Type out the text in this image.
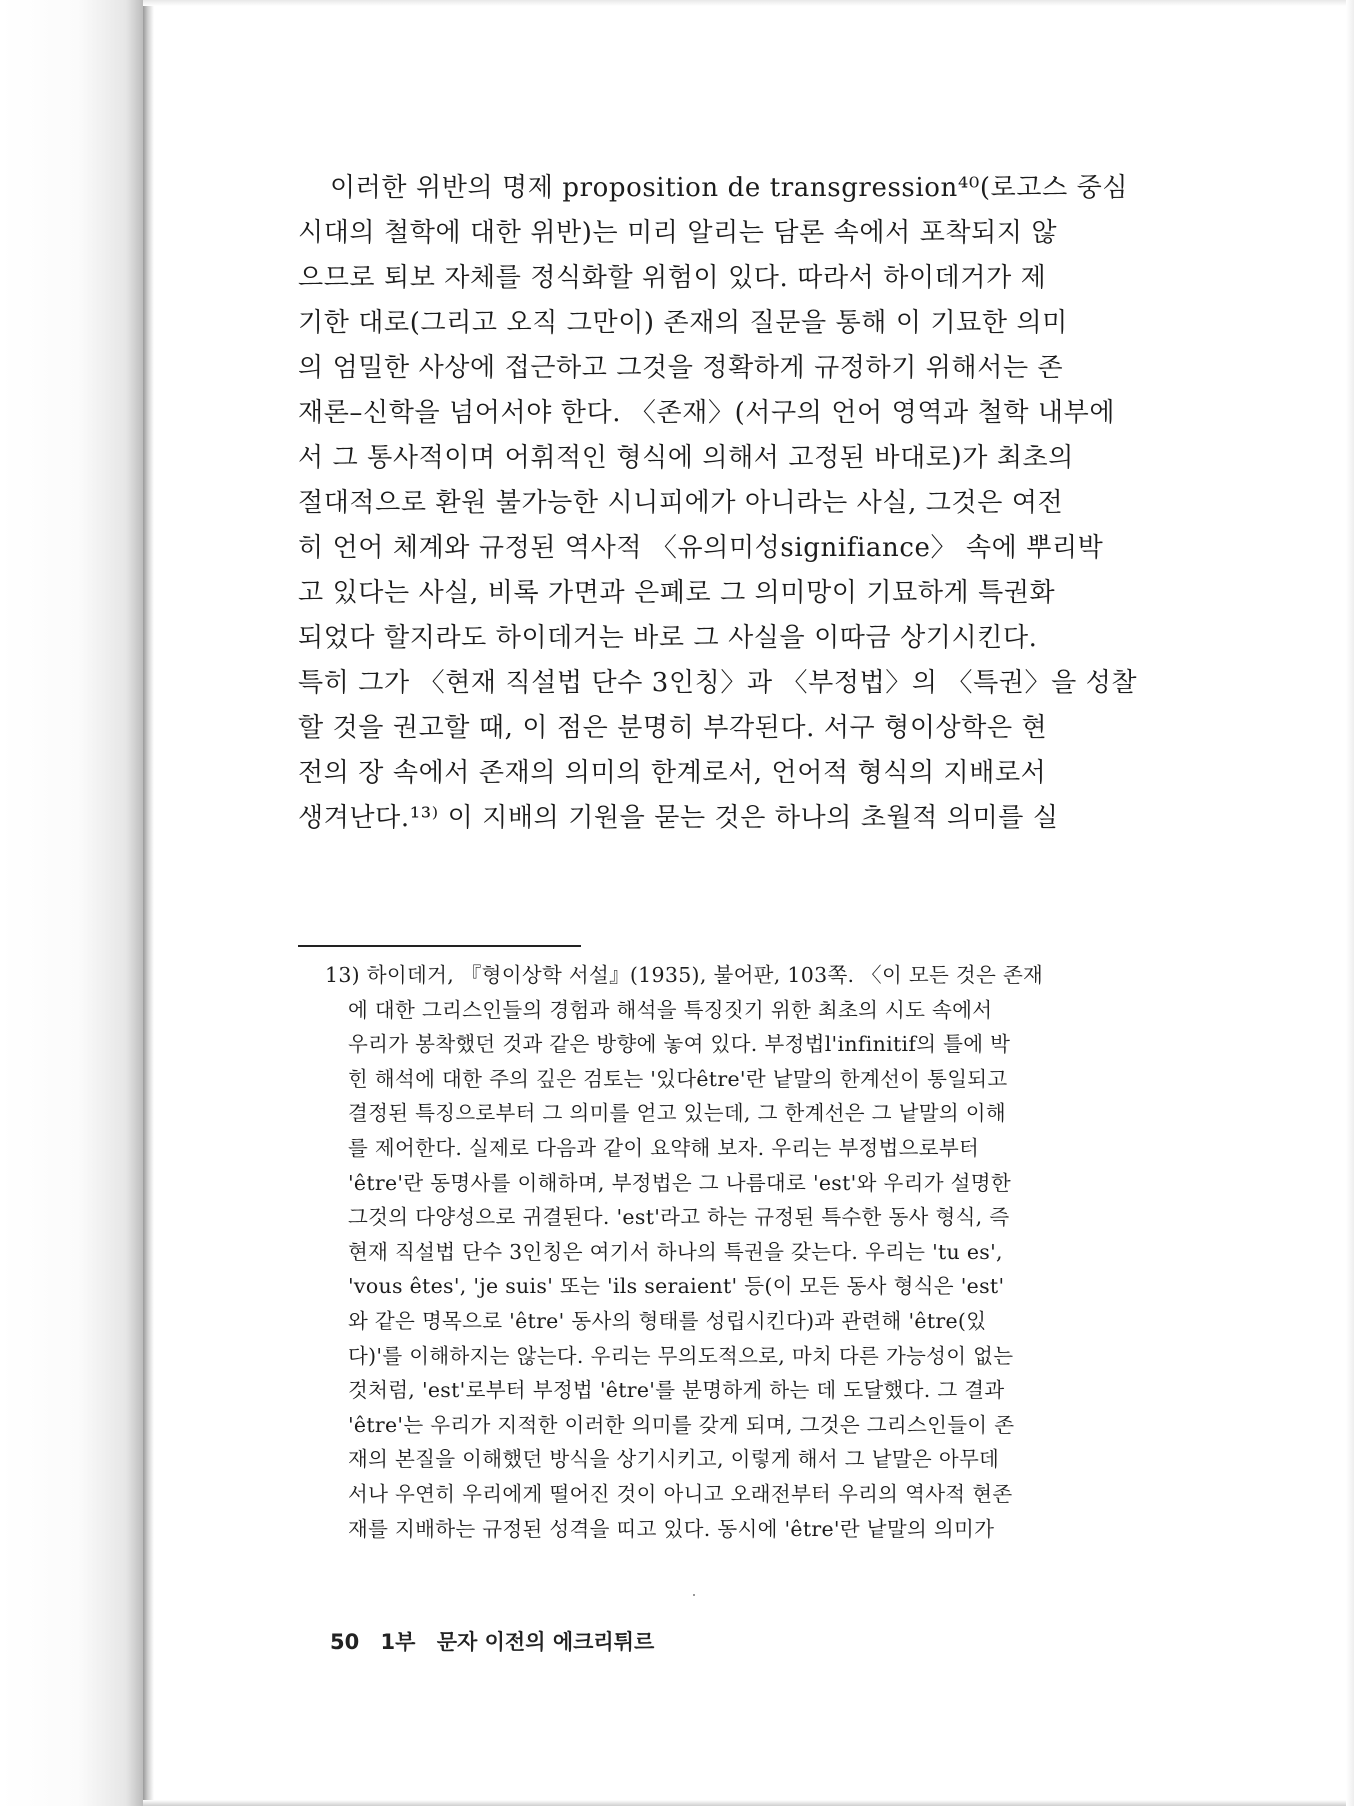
이러한 위반의 명제 proposition de transgression⁴⁰(로고스 중심
시대의 철학에 대한 위반)는 미리 알리는 담론 속에서 포착되지 않
으므로 퇴보 자체를 정식화할 위험이 있다. 따라서 하이데거가 제
기한 대로(그리고 오직 그만이) 존재의 질문을 통해 이 기묘한 의미
의 엄밀한 사상에 접근하고 그것을 정확하게 규정하기 위해서는 존
재론–신학을 넘어서야 한다. 〈존재〉(서구의 언어 영역과 철학 내부에
서 그 통사적이며 어휘적인 형식에 의해서 고정된 바대로)가 최초의
절대적으로 환원 불가능한 시니피에가 아니라는 사실, 그것은 여전
히 언어 체계와 규정된 역사적 〈유의미성signifiance〉 속에 뿌리박
고 있다는 사실, 비록 가면과 은폐로 그 의미망이 기묘하게 특권화
되었다 할지라도 하이데거는 바로 그 사실을 이따금 상기시킨다.
특히 그가 〈현재 직설법 단수 3인칭〉과 〈부정법〉의 〈특권〉을 성찰
할 것을 권고할 때, 이 점은 분명히 부각된다. 서구 형이상학은 현
전의 장 속에서 존재의 의미의 한계로서, 언어적 형식의 지배로서
생겨난다.¹³⁾ 이 지배의 기원을 묻는 것은 하나의 초월적 의미를 실
13) 하이데거, 『형이상학 서설』(1935), 불어판, 103쪽. 〈이 모든 것은 존재
에 대한 그리스인들의 경험과 해석을 특징짓기 위한 최초의 시도 속에서
우리가 봉착했던 것과 같은 방향에 놓여 있다. 부정법l'infinitif의 틀에 박
힌 해석에 대한 주의 깊은 검토는 '있다être'란 낱말의 한계선이 통일되고
결정된 특징으로부터 그 의미를 얻고 있는데, 그 한계선은 그 낱말의 이해
를 제어한다. 실제로 다음과 같이 요약해 보자. 우리는 부정법으로부터
'être'란 동명사를 이해하며, 부정법은 그 나름대로 'est'와 우리가 설명한
그것의 다양성으로 귀결된다. 'est'라고 하는 규정된 특수한 동사 형식, 즉
현재 직설법 단수 3인칭은 여기서 하나의 특권을 갖는다. 우리는 'tu es',
'vous êtes', 'je suis' 또는 'ils seraient' 등(이 모든 동사 형식은 'est'
와 같은 명목으로 'être' 동사의 형태를 성립시킨다)과 관련해 'être(있
다)'를 이해하지는 않는다. 우리는 무의도적으로, 마치 다른 가능성이 없는
것처럼, 'est'로부터 부정법 'être'를 분명하게 하는 데 도달했다. 그 결과
'être'는 우리가 지적한 이러한 의미를 갖게 되며, 그것은 그리스인들이 존
재의 본질을 이해했던 방식을 상기시키고, 이렇게 해서 그 낱말은 아무데
서나 우연히 우리에게 떨어진 것이 아니고 오래전부터 우리의 역사적 현존
재를 지배하는 규정된 성격을 띠고 있다. 동시에 'être'란 낱말의 의미가
50 1부 문자 이전의 에크리튀르
